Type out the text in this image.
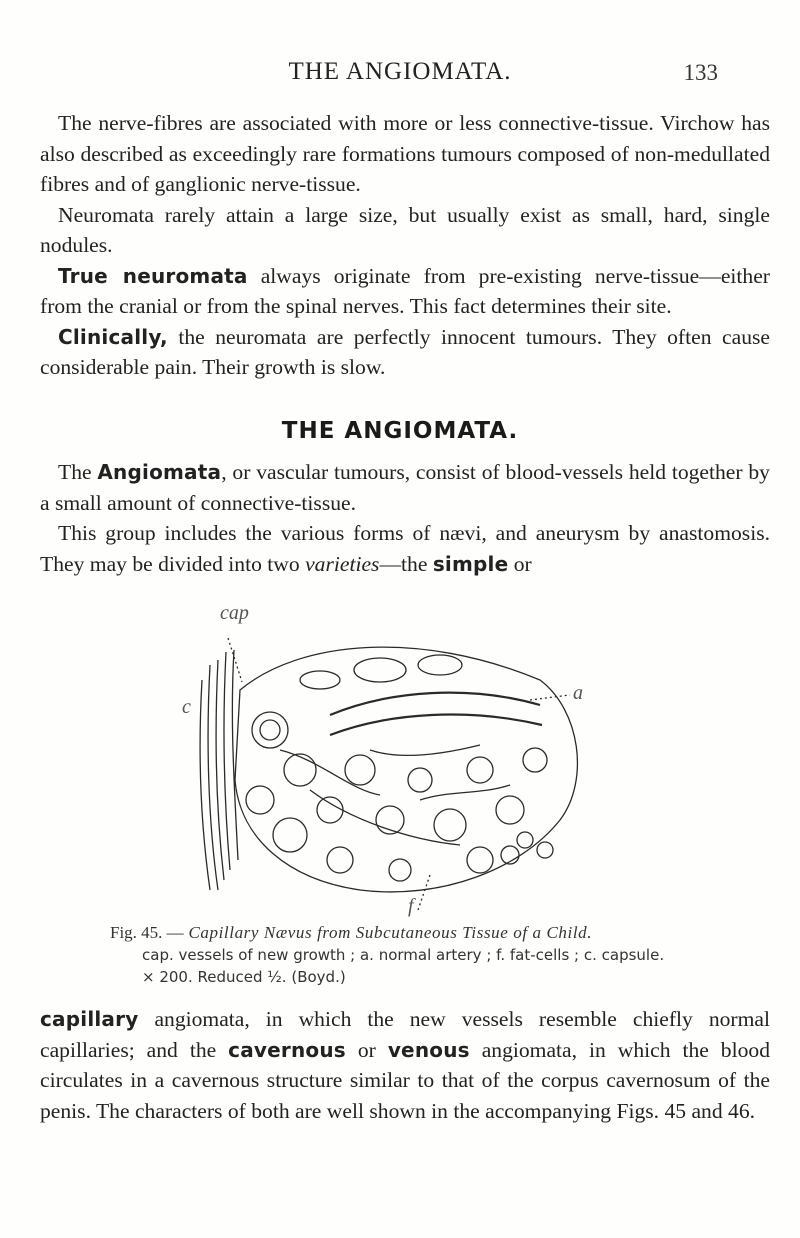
THE ANGIOMATA.	133

The nerve-fibres are associated with more or less connective-tissue. Virchow has also described as exceedingly rare formations tumours composed of non-medullated fibres and of ganglionic nerve-tissue.

Neuromata rarely attain a large size, but usually exist as small, hard, single nodules.

True neuromata always originate from pre-existing nerve-tissue—either from the cranial or from the spinal nerves. This fact determines their site.

Clinically, the neuromata are perfectly innocent tumours. They often cause considerable pain. Their growth is slow.

THE ANGIOMATA.

The Angiomata, or vascular tumours, consist of blood-vessels held together by a small amount of connective-tissue.

This group includes the various forms of nævi, and aneurysm by anastomosis. They may be divided into two varieties—the simple or

cap
a
c
f
Fig. 45. — Capillary Nævus from Subcutaneous Tissue of a Child.
cap. vessels of new growth ; a. normal artery ; f. fat-cells ; c. capsule.
× 200. Reduced ½. (Boyd.)

capillary angiomata, in which the new vessels resemble chiefly normal capillaries; and the cavernous or venous angiomata, in which the blood circulates in a cavernous structure similar to that of the corpus cavernosum of the penis. The characters of both are well shown in the accompanying Figs. 45 and 46.
